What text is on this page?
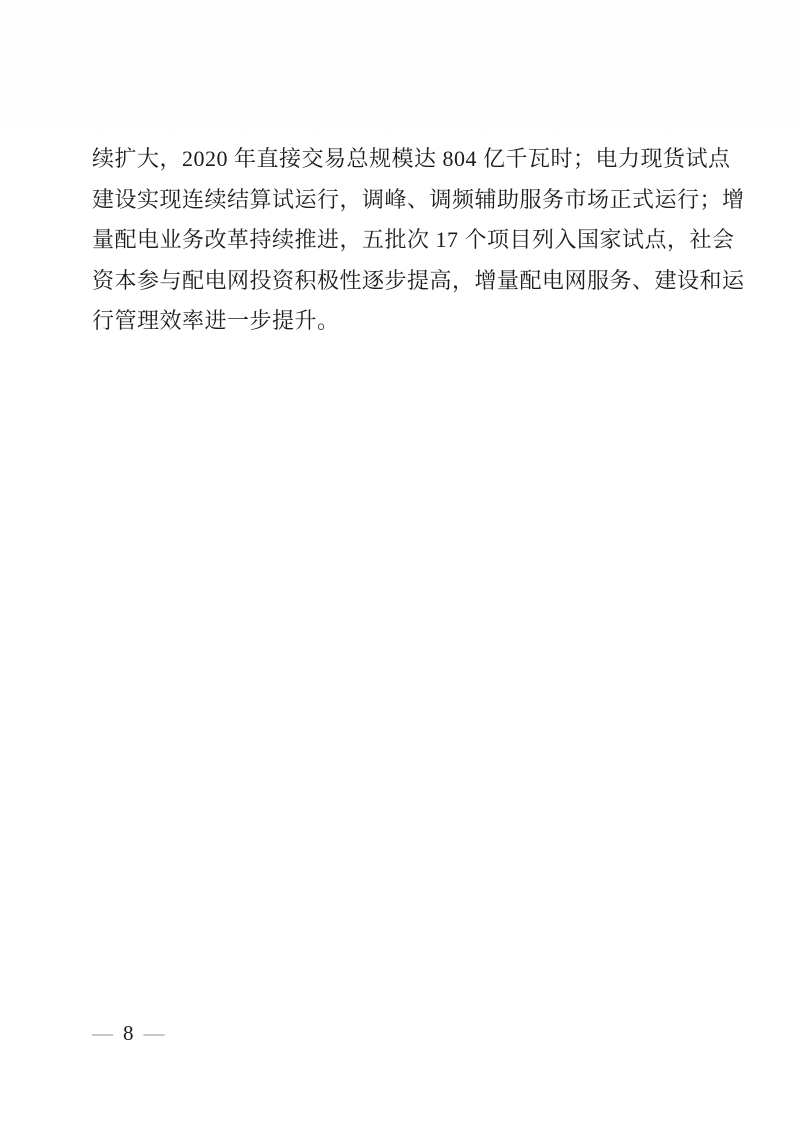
续扩大，2020 年直接交易总规模达 804 亿千瓦时；电力现货试点
建设实现连续结算试运行，调峰、调频辅助服务市场正式运行；增
量配电业务改革持续推进，五批次 17 个项目列入国家试点，社会
资本参与配电网投资积极性逐步提高，增量配电网服务、建设和运
行管理效率进一步提升。
— 8 —
